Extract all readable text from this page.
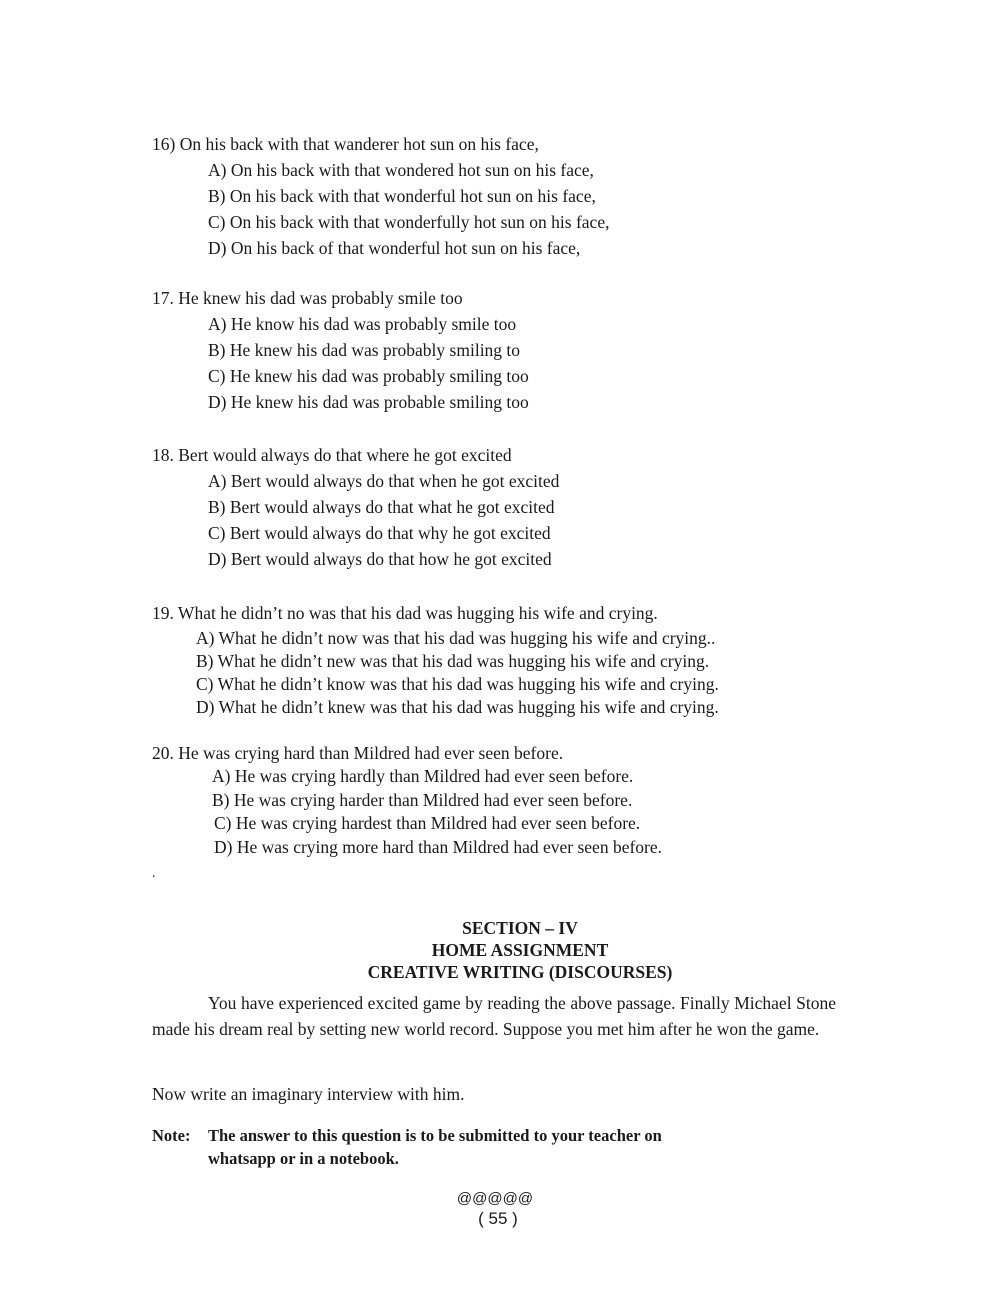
16) On his back with that wanderer hot sun on his face,
A) On his back with that wondered hot sun on his face,
B) On his back with that wonderful hot sun on his face,
C) On his back with that wonderfully hot sun on his face,
D) On his back of that wonderful hot sun on his face,
17. He knew his dad was probably smile too
A) He know his dad was probably smile too
B) He knew his dad was probably smiling to
C) He knew his dad was probably smiling too
D) He knew his dad was probable smiling too
18. Bert would always do that where he got excited
A) Bert would always do that when he got excited
B) Bert would always do that what he got excited
C) Bert would always do that why he got excited
D) Bert would always do that how he got excited
19. What he didn’t no was that his dad was hugging his wife and crying.
A) What he didn’t now was that his dad was hugging his wife and crying..
B) What he didn’t new was that his dad was hugging his wife and crying.
C) What he didn’t know was that his dad was hugging his wife and crying.
D) What he didn’t knew was that his dad was hugging his wife and crying.
20. He was crying hard than Mildred had ever seen before.
A) He was crying hardly than Mildred had ever seen before.
B) He was crying harder than Mildred had ever seen before.
C) He was crying hardest than Mildred had ever seen before.
D) He was crying more hard than Mildred had ever seen before.
.
SECTION – IV
HOME ASSIGNMENT
CREATIVE WRITING (DISCOURSES)
You have experienced excited game by reading the above passage. Finally Michael Stone made his dream real by setting new world record. Suppose you met him after he won the game.
Now write an imaginary interview with him.
Note: The answer to this question is to be submitted to your teacher on
whatsapp or in a notebook.
@@@@@
( 55 )
